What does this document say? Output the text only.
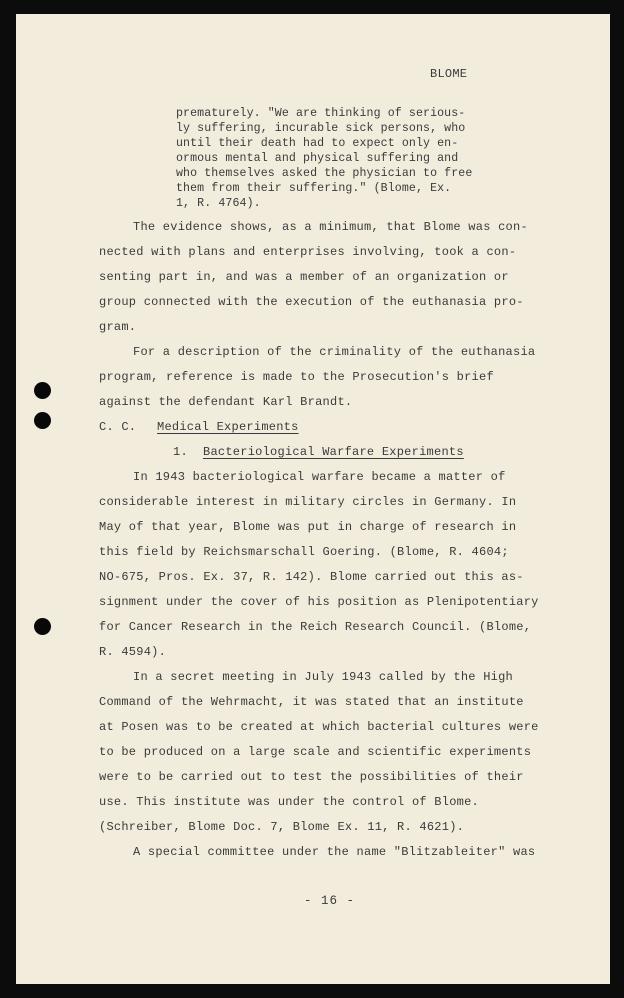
BLOME
prematurely. "We are thinking of serious-
ly suffering, incurable sick persons, who
until their death had to expect only en-
ormous mental and physical suffering and
who themselves asked the physician to free
them from their suffering." (Blome, Ex.
1, R. 4764).
The evidence shows, as a minimum, that Blome was con-
nected with plans and enterprises involving, took a con-
senting part in, and was a member of an organization or
group connected with the execution of the euthanasia pro-
gram.
For a description of the criminality of the euthanasia
program, reference is made to the Prosecution's brief
against the defendant Karl Brandt.
C. C. Medical Experiments
1. Bacteriological Warfare Experiments
In 1943 bacteriological warfare became a matter of
considerable interest in military circles in Germany. In
May of that year, Blome was put in charge of research in
this field by Reichsmarschall Goering. (Blome, R. 4604;
NO-675, Pros. Ex. 37, R. 142). Blome carried out this as-
signment under the cover of his position as Plenipotentiary
for Cancer Research in the Reich Research Council. (Blome,
R. 4594).
In a secret meeting in July 1943 called by the High
Command of the Wehrmacht, it was stated that an institute
at Posen was to be created at which bacterial cultures were
to be produced on a large scale and scientific experiments
were to be carried out to test the possibilities of their
use. This institute was under the control of Blome.
(Schreiber, Blome Doc. 7, Blome Ex. 11, R. 4621).
A special committee under the name "Blitzableiter" was
- 16 -
